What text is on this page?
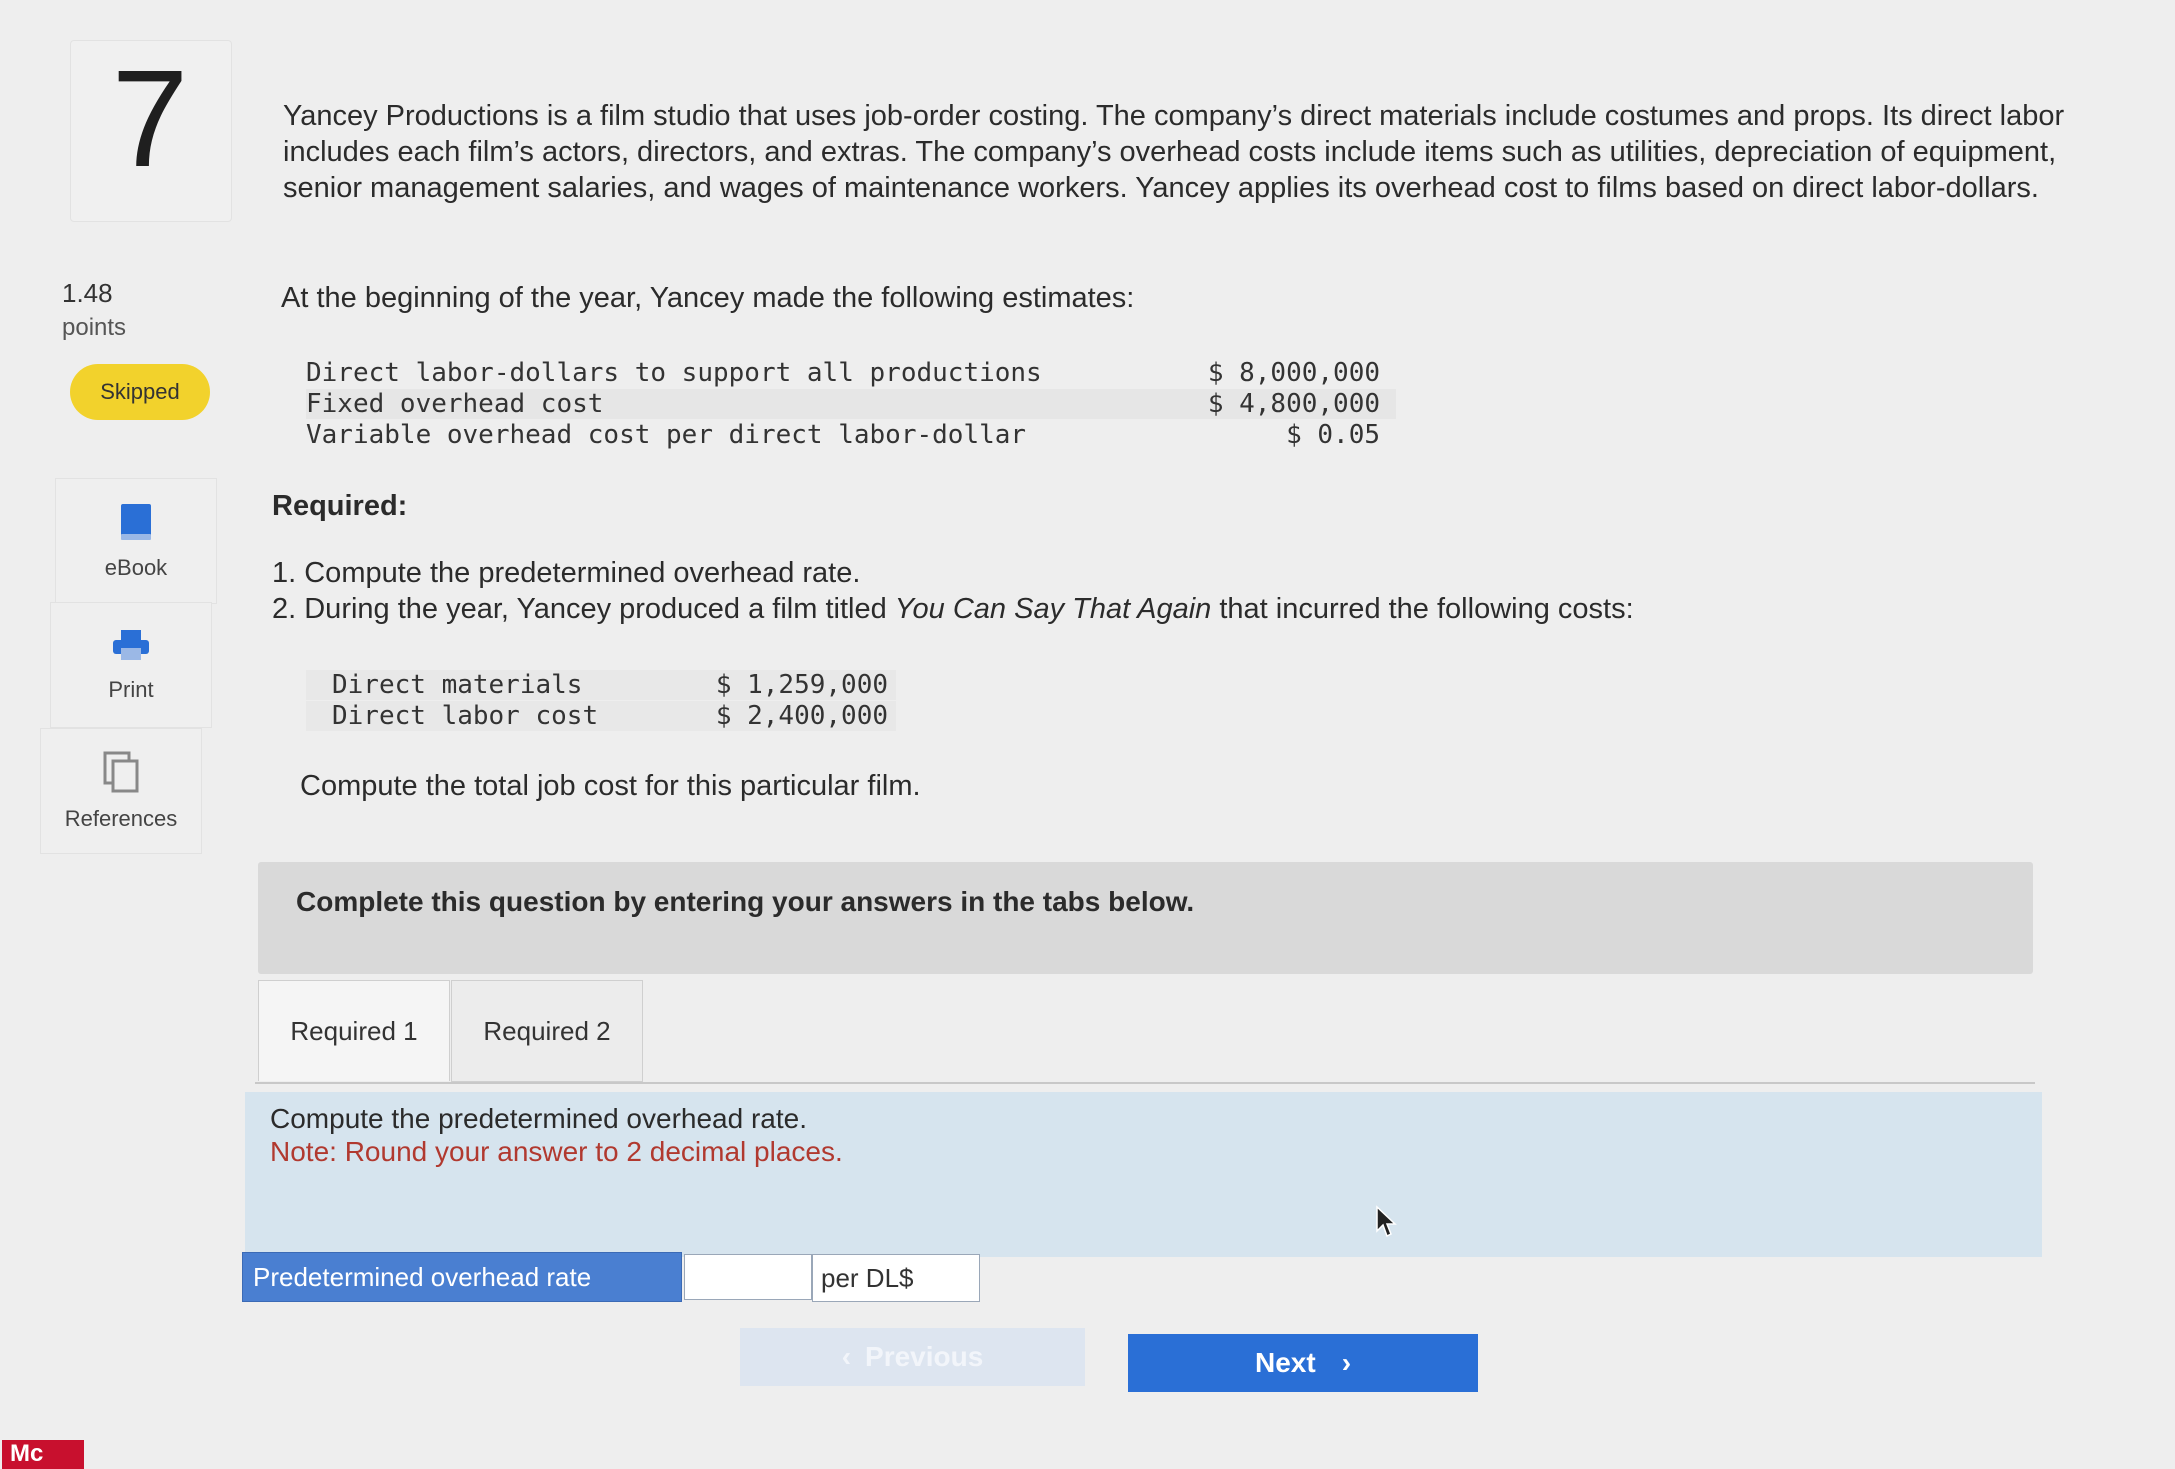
7
1.48
points
Skipped
eBook
Print
References
Yancey Productions is a film studio that uses job-order costing. The company’s direct materials include costumes and props. Its direct labor includes each film’s actors, directors, and extras. The company’s overhead costs include items such as utilities, depreciation of equipment, senior management salaries, and wages of maintenance workers. Yancey applies its overhead cost to films based on direct labor-dollars.
At the beginning of the year, Yancey made the following estimates:
Direct labor-dollars to support all productions	$ 8,000,000
Fixed overhead cost	$ 4,800,000
Variable overhead cost per direct labor-dollar	$ 0.05
Required:
1. Compute the predetermined overhead rate.
2. During the year, Yancey produced a film titled You Can Say That Again that incurred the following costs:
Direct materials	$ 1,259,000
Direct labor cost	$ 2,400,000
Compute the total job cost for this particular film.
Complete this question by entering your answers in the tabs below.
Required 1	Required 2
Compute the predetermined overhead rate.
Note: Round your answer to 2 decimal places.
Predetermined overhead rate	per DL$
‹ Previous	Next ›
Mc
